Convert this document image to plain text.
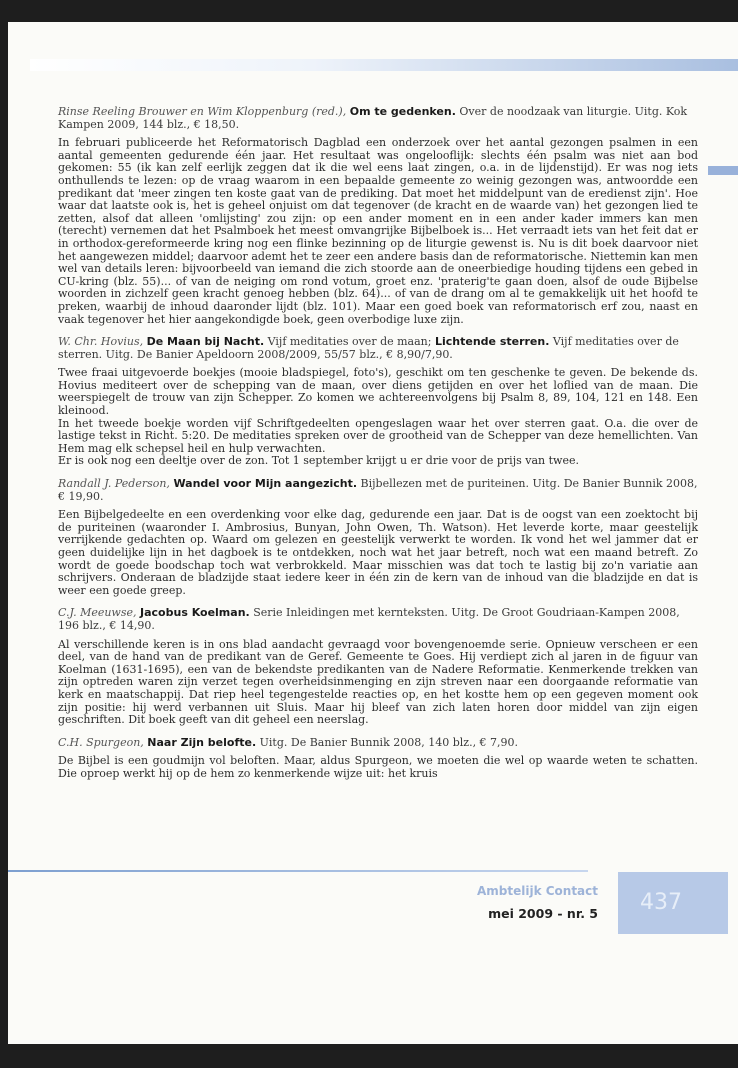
Rinse Reeling Brouwer en Wim Kloppenburg (red.), Om te gedenken. Over de noodzaak van liturgie. Uitg. Kok Kampen 2009, 144 blz., € 18,50.

In februari publiceerde het Reformatorisch Dagblad een onderzoek over het aantal gezongen psalmen in een aantal gemeenten gedurende één jaar. Het resultaat was ongelooflijk: slechts één psalm was niet aan bod gekomen: 55 (ik kan zelf eerlijk zeggen dat ik die wel eens laat zingen, o.a. in de lijdenstijd). Er was nog iets onthullends te lezen: op de vraag waarom in een bepaalde gemeente zo weinig gezongen was, antwoordde een predikant dat 'meer zingen ten koste gaat van de prediking. Dat moet het middelpunt van de eredienst zijn'. Hoe waar dat laatste ook is, het is geheel onjuist om dat tegenover (de kracht en de waarde van) het gezongen lied te zetten, alsof dat alleen 'omlijsting' zou zijn: op een ander moment en in een ander kader immers kan men (terecht) vernemen dat het Psalmboek het meest omvangrijke Bijbelboek is... Het verraadt iets van het feit dat er in orthodox-gereformeerde kring nog een flinke bezinning op de liturgie gewenst is. Nu is dit boek daarvoor niet het aangewezen middel; daarvoor ademt het te zeer een andere basis dan de reformatorische. Niettemin kan men wel van details leren: bijvoorbeeld van iemand die zich stoorde aan de oneerbiedige houding tijdens een gebed in CU-kring (blz. 55)... of van de neiging om rond votum, groet enz. 'praterig'te gaan doen, alsof de oude Bijbelse woorden in zichzelf geen kracht genoeg hebben (blz. 64)... of van de drang om al te gemakkelijk uit het hoofd te preken, waarbij de inhoud daaronder lijdt (blz. 101). Maar een goed boek van reformatorisch erf zou, naast en vaak tegenover het hier aangekondigde boek, geen overbodige luxe zijn.

W. Chr. Hovius, De Maan bij Nacht. Vijf meditaties over de maan; Lichtende sterren. Vijf meditaties over de sterren. Uitg. De Banier Apeldoorn 2008/2009, 55/57 blz., € 8,90/7,90.

Twee fraai uitgevoerde boekjes (mooie bladspiegel, foto's), geschikt om ten geschenke te geven. De bekende ds. Hovius mediteert over de schepping van de maan, over diens getijden en over het loflied van de maan. Die weerspiegelt de trouw van zijn Schepper. Zo komen we achtereenvolgens bij Psalm 8, 89, 104, 121 en 148. Een kleinood.

In het tweede boekje worden vijf Schriftgedeelten opengeslagen waar het over sterren gaat. O.a. die over de lastige tekst in Richt. 5:20. De meditaties spreken over de grootheid van de Schepper van deze hemellichten. Van Hem mag elk schepsel heil en hulp verwachten.

Er is ook nog een deeltje over de zon. Tot 1 september krijgt u er drie voor de prijs van twee.

Randall J. Pederson, Wandel voor Mijn aangezicht. Bijbellezen met de puriteinen. Uitg. De Banier Bunnik 2008, € 19,90.

Een Bijbelgedeelte en een overdenking voor elke dag, gedurende een jaar. Dat is de oogst van een zoektocht bij de puriteinen (waaronder I. Ambrosius, Bunyan, John Owen, Th. Watson). Het leverde korte, maar geestelijk verrijkende gedachten op. Waard om gelezen en geestelijk verwerkt te worden. Ik vond het wel jammer dat er geen duidelijke lijn in het dagboek is te ontdekken, noch wat het jaar betreft, noch wat een maand betreft. Zo wordt de goede boodschap toch wat verbrokkeld. Maar misschien was dat toch te lastig bij zo'n variatie aan schrijvers. Onderaan de bladzijde staat iedere keer in één zin de kern van de inhoud van die bladzijde en dat is weer een goede greep.

C.J. Meeuwse, Jacobus Koelman. Serie Inleidingen met kernteksten. Uitg. De Groot Goudriaan-Kampen 2008, 196 blz., € 14,90.

Al verschillende keren is in ons blad aandacht gevraagd voor bovengenoemde serie. Opnieuw verscheen er een deel, van de hand van de predikant van de Geref. Gemeente te Goes. Hij verdiept zich al jaren in de figuur van Koelman (1631-1695), een van de bekendste predikanten van de Nadere Reformatie. Kenmerkende trekken van zijn optreden waren zijn verzet tegen overheidsinmenging en zijn streven naar een doorgaande reformatie van kerk en maatschappij. Dat riep heel tegengestelde reacties op, en het kostte hem op een gegeven moment ook zijn positie: hij werd verbannen uit Sluis. Maar hij bleef van zich laten horen door middel van zijn eigen geschriften. Dit boek geeft van dit geheel een neerslag.

C.H. Spurgeon, Naar Zijn belofte. Uitg. De Banier Bunnik 2008, 140 blz., € 7,90.

De Bijbel is een goudmijn vol beloften. Maar, aldus Spurgeon, we moeten die wel op waarde weten te schatten. Die oproep werkt hij op de hem zo kenmerkende wijze uit: het kruis

Ambtelijk Contact
mei 2009 - nr. 5	437
